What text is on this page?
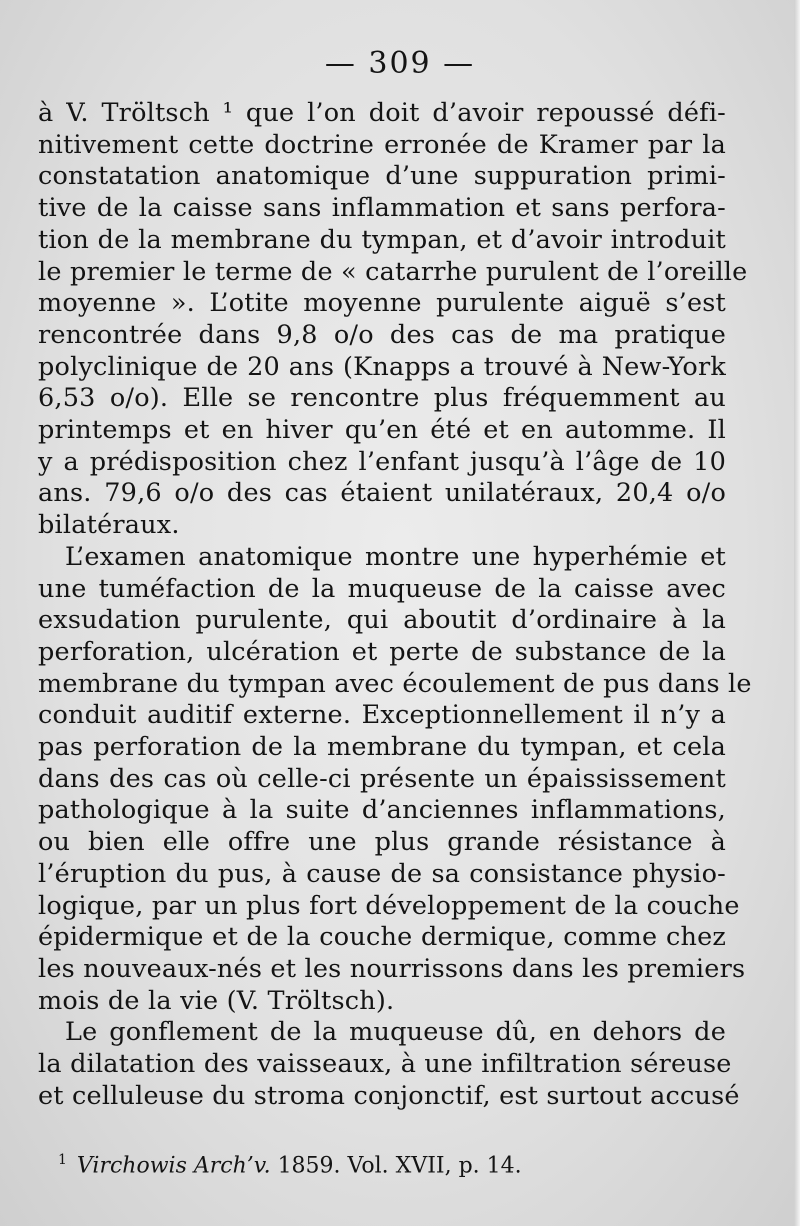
— 309 —
à V. Tröltsch ¹ que l’on doit d’avoir repoussé défi-
nitivement cette doctrine erronée de Kramer par la
constatation anatomique d’une suppuration primi-
tive de la caisse sans inflammation et sans perfora-
tion de la membrane du tympan, et d’avoir introduit
le premier le terme de « catarrhe purulent de l’oreille
moyenne ». L’otite moyenne purulente aiguë s’est
rencontrée dans 9,8 o/o des cas de ma pratique
polyclinique de 20 ans (Knapps a trouvé à New-York
6,53 o/o). Elle se rencontre plus fréquemment au
printemps et en hiver qu’en été et en automme. Il
y a prédisposition chez l’enfant jusqu’à l’âge de 10
ans. 79,6 o/o des cas étaient unilatéraux, 20,4 o/o
bilatéraux.
L’examen anatomique montre une hyperhémie et
une tuméfaction de la muqueuse de la caisse avec
exsudation purulente, qui aboutit d’ordinaire à la
perforation, ulcération et perte de substance de la
membrane du tympan avec écoulement de pus dans le
conduit auditif externe. Exceptionnellement il n’y a
pas perforation de la membrane du tympan, et cela
dans des cas où celle-ci présente un épaississement
pathologique à la suite d’anciennes inflammations,
ou bien elle offre une plus grande résistance à
l’éruption du pus, à cause de sa consistance physio-
logique, par un plus fort développement de la couche
épidermique et de la couche dermique, comme chez
les nouveaux-nés et les nourrissons dans les premiers
mois de la vie (V. Tröltsch).
Le gonflement de la muqueuse dû, en dehors de
la dilatation des vaisseaux, à une infiltration séreuse
et celluleuse du stroma conjonctif, est surtout accusé
$^1$ Virchowis Arch’v. 1859. Vol. XVII, p. 14.
